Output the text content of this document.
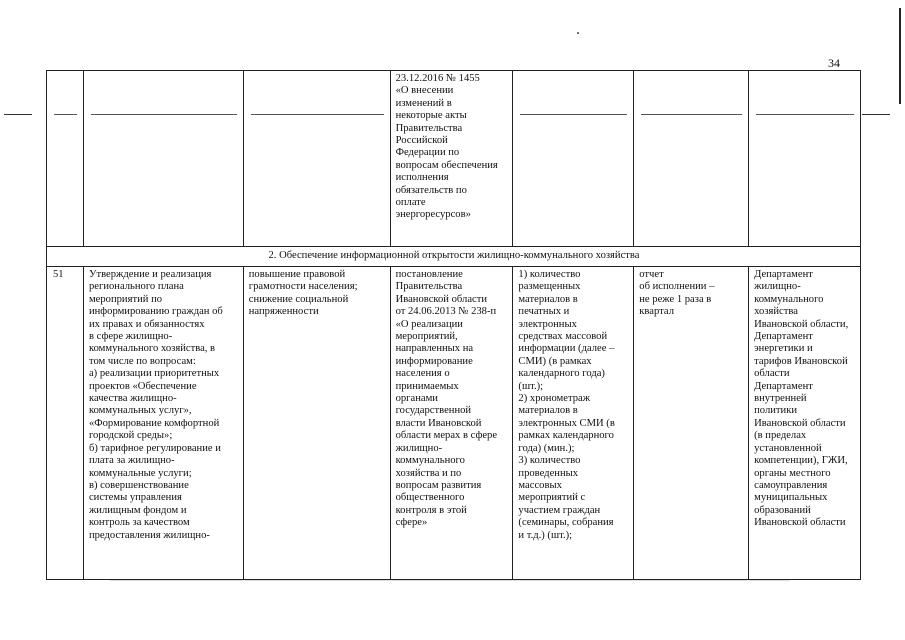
34
23.12.2016 № 1455
«О внесении
изменений в
некоторые акты
Правительства
Российской
Федерации по
вопросам обеспечения
исполнения
обязательств по
оплате
энергоресурсов»
2. Обеспечение информационной открытости жилищно-коммунального хозяйства
51	Утверждение и реализация
регионального плана
мероприятий по
информированию граждан об
их правах и обязанностях
в сфере жилищно-
коммунального хозяйства, в
том числе по вопросам:
а) реализации приоритетных
проектов «Обеспечение
качества жилищно-
коммунальных услуг»,
«Формирование комфортной
городской среды»;
б) тарифное регулирование и
плата за жилищно-
коммунальные услуги;
в) совершенствование
системы управления
жилищным фондом и
контроль за качеством
предоставления жилищно-
повышение правовой
грамотности населения;
снижение социальной
напряженности
постановление
Правительства
Ивановской области
от 24.06.2013 № 238-п
«О реализации
мероприятий,
направленных на
информирование
населения о
принимаемых
органами
государственной
власти Ивановской
области мерах в сфере
жилищно-
коммунального
хозяйства и по
вопросам развития
общественного
контроля в этой
сфере»
1) количество
размещенных
материалов в
печатных и
электронных
средствах массовой
информации (далее –
СМИ) (в рамках
календарного года)
(шт.);
2) хронометраж
материалов в
электронных СМИ (в
рамках календарного
года) (мин.);
3) количество
проведенных
массовых
мероприятий с
участием граждан
(семинары, собрания
и т.д.) (шт.);
отчет
об исполнении –
не реже 1 раза в
квартал
Департамент
жилищно-
коммунального
хозяйства
Ивановской области,
Департамент
энергетики и
тарифов Ивановской
области
Департамент
внутренней
политики
Ивановской области
(в пределах
установленной
компетенции), ГЖИ,
органы местного
самоуправления
муниципальных
образований
Ивановской области
